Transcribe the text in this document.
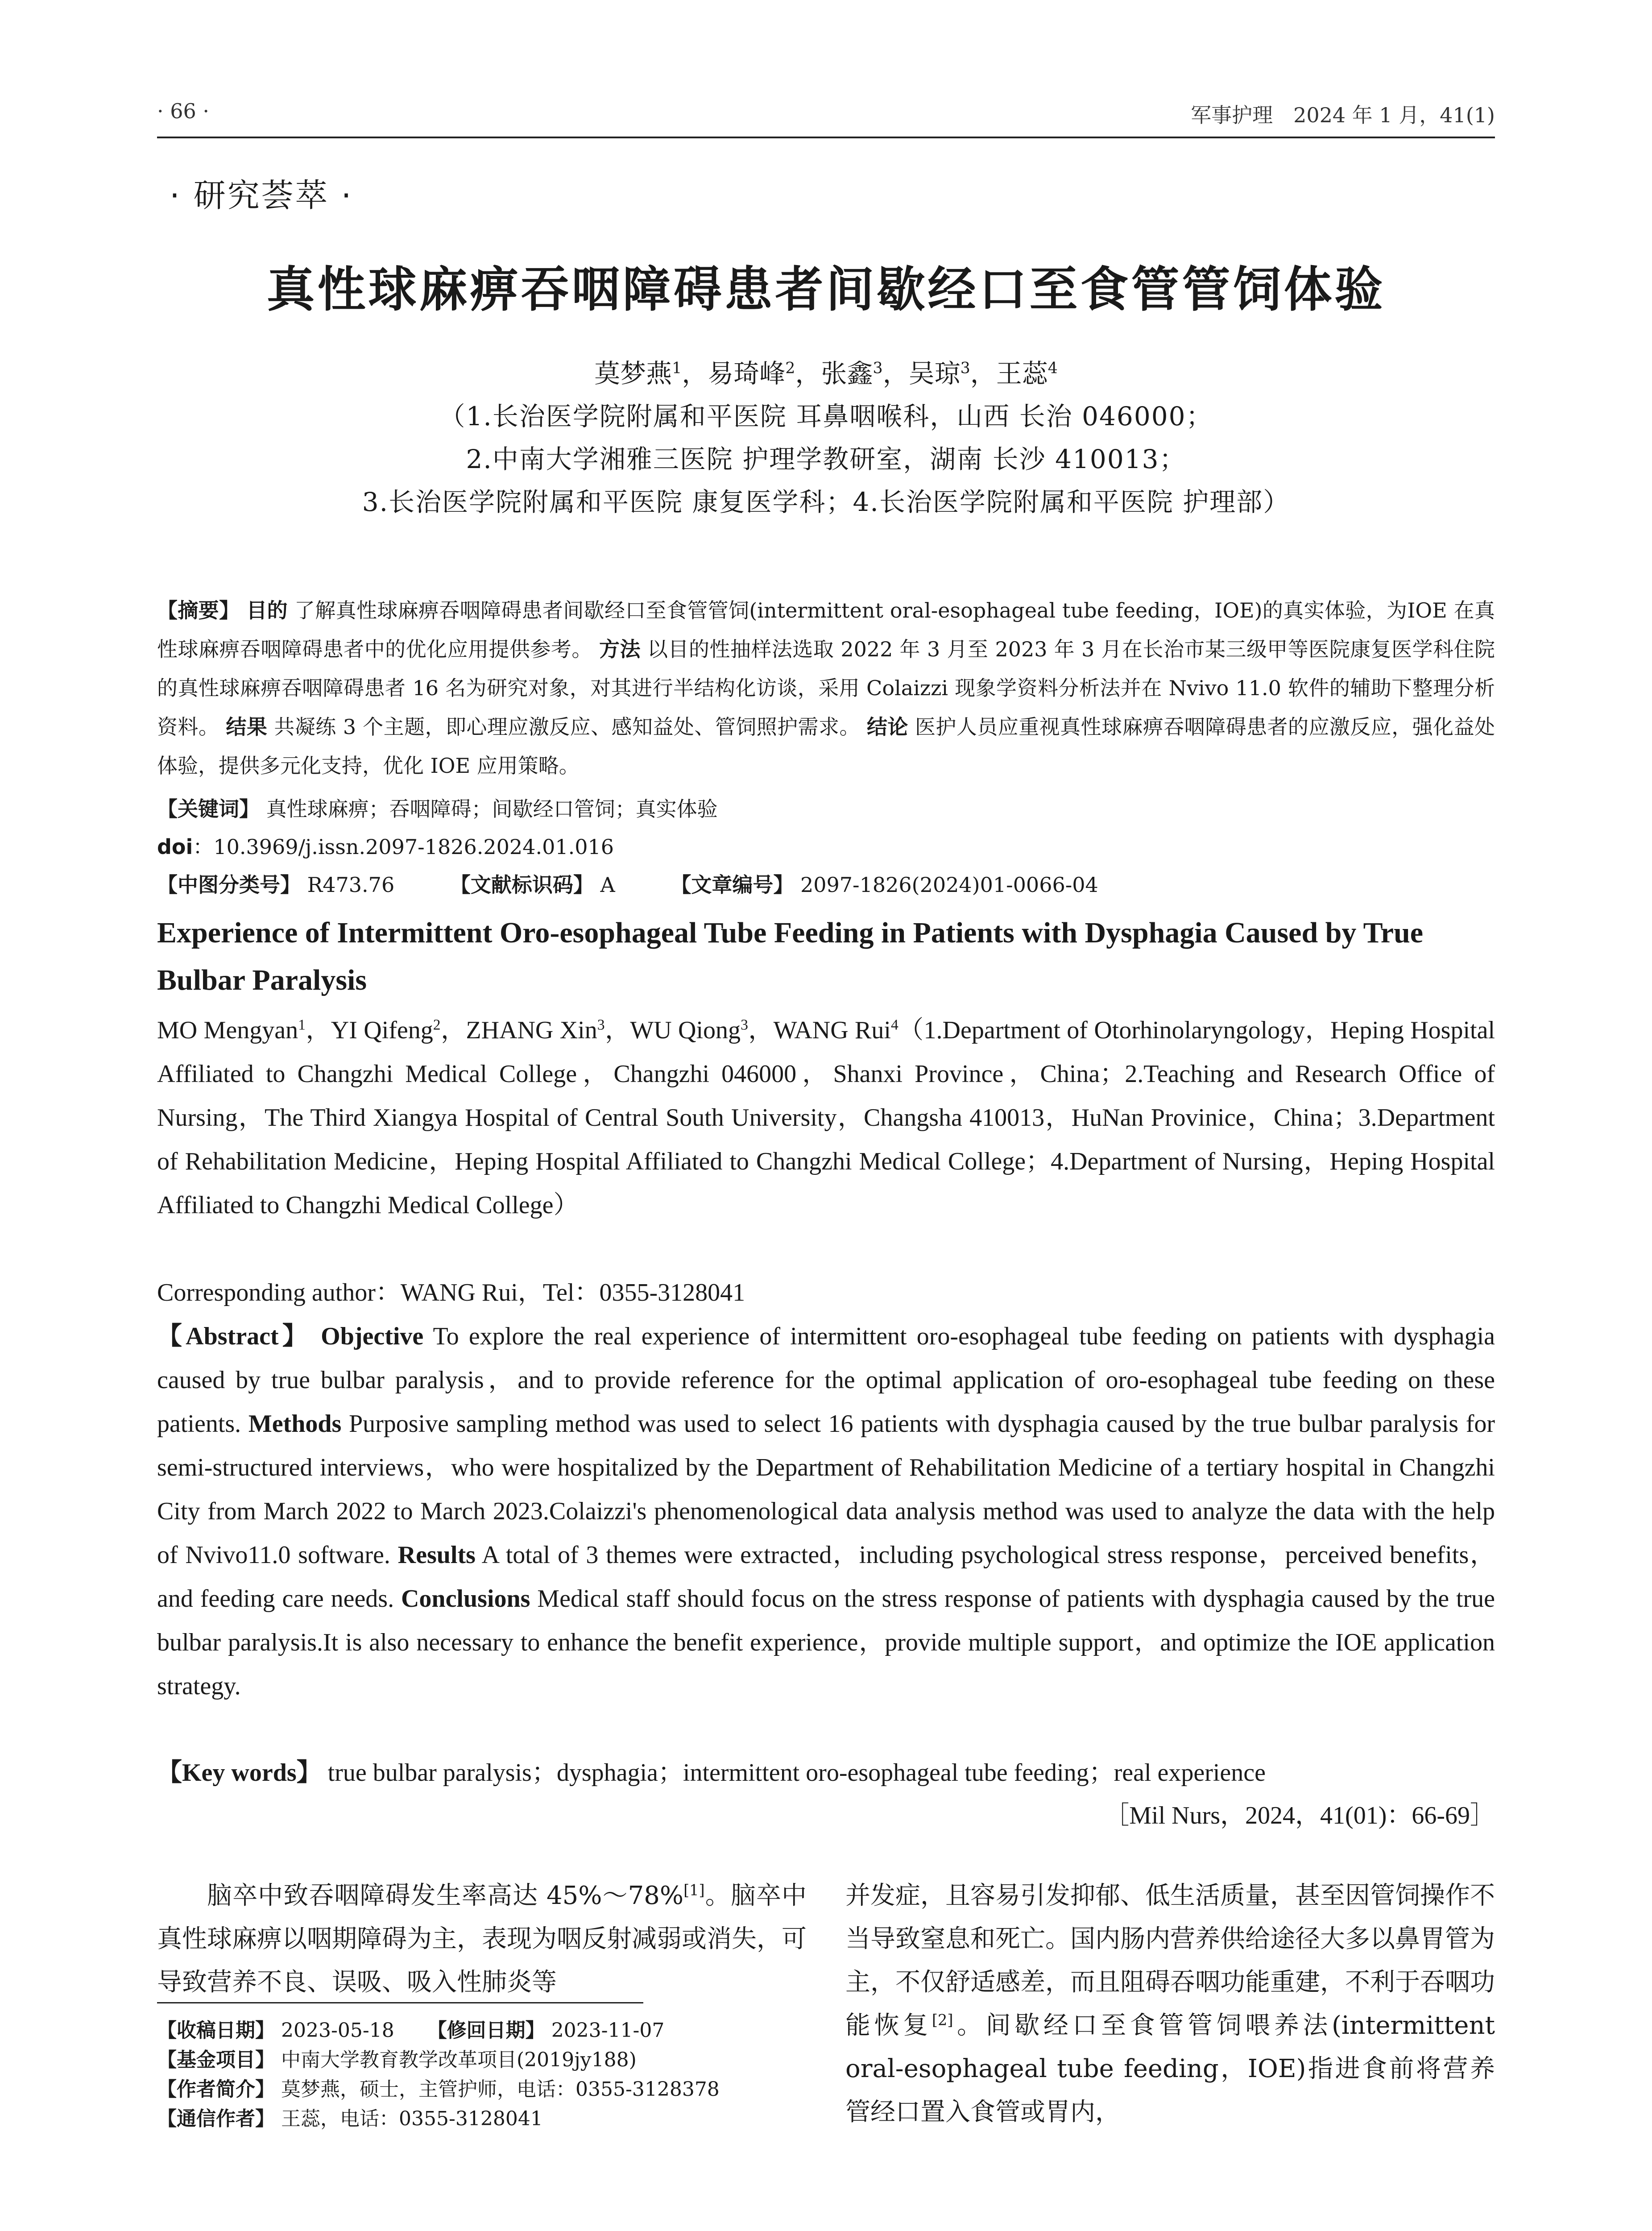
· 66 ·	军事护理　2024 年 1 月，41(1)
· 研究荟萃 ·
真性球麻痹吞咽障碍患者间歇经口至食管管饲体验
莫梦燕$^1$，易琦峰$^2$，张鑫$^3$，吴琼$^3$，王蕊$^4$
（1.长治医学院附属和平医院 耳鼻咽喉科，山西 长治 046000；
2.中南大学湘雅三医院 护理学教研室，湖南 长沙 410013；
3.长治医学院附属和平医院 康复医学科；4.长治医学院附属和平医院 护理部）
【摘要】 目的 了解真性球麻痹吞咽障碍患者间歇经口至食管管饲(intermittent oral-esophageal tube feeding，IOE)的真实体验，为IOE 在真性球麻痹吞咽障碍患者中的优化应用提供参考。 方法 以目的性抽样法选取 2022 年 3 月至 2023 年 3 月在长治市某三级甲等医院康复医学科住院的真性球麻痹吞咽障碍患者 16 名为研究对象，对其进行半结构化访谈，采用 Colaizzi 现象学资料分析法并在 Nvivo 11.0 软件的辅助下整理分析资料。 结果 共凝练 3 个主题，即心理应激反应、感知益处、管饲照护需求。 结论 医护人员应重视真性球麻痹吞咽障碍患者的应激反应，强化益处体验，提供多元化支持，优化 IOE 应用策略。
【关键词】 真性球麻痹；吞咽障碍；间歇经口管饲；真实体验
doi：10.3969/j.issn.2097-1826.2024.01.016
【中图分类号】 R473.76	【文献标识码】 A	【文章编号】 2097-1826(2024)01-0066-04
Experience of Intermittent Oro-esophageal Tube Feeding in Patients with Dysphagia Caused by True Bulbar Paralysis
MO Mengyan$^1$，YI Qifeng$^2$，ZHANG Xin$^3$，WU Qiong$^3$，WANG Rui$^4$（1.Department of Otorhinolaryngology，Heping Hospital Affiliated to Changzhi Medical College，Changzhi 046000，Shanxi Province，China；2.Teaching and Research Office of Nursing，The Third Xiangya Hospital of Central South University，Changsha 410013，HuNan Provinice，China；3.Department of Rehabilitation Medicine，Heping Hospital Affiliated to Changzhi Medical College；4.Department of Nursing，Heping Hospital Affiliated to Changzhi Medical College）
Corresponding author：WANG Rui，Tel：0355-3128041
【Abstract】 Objective To explore the real experience of intermittent oro-esophageal tube feeding on patients with dysphagia caused by true bulbar paralysis，and to provide reference for the optimal application of oro-esophageal tube feeding on these patients. Methods Purposive sampling method was used to select 16 patients with dysphagia caused by the true bulbar paralysis for semi-structured interviews，who were hospitalized by the Department of Rehabilitation Medicine of a tertiary hospital in Changzhi City from March 2022 to March 2023.Colaizzi's phenomenological data analysis method was used to analyze the data with the help of Nvivo11.0 software. Results A total of 3 themes were extracted，including psychological stress response，perceived benefits，and feeding care needs. Conclusions Medical staff should focus on the stress response of patients with dysphagia caused by the true bulbar paralysis.It is also necessary to enhance the benefit experience，provide multiple support，and optimize the IOE application strategy.
【Key words】 true bulbar paralysis；dysphagia；intermittent oro-esophageal tube feeding；real experience
［Mil Nurs，2024，41(01)：66-69］
脑卒中致吞咽障碍发生率高达 45%～78%[1]。脑卒中真性球麻痹以咽期障碍为主，表现为咽反射减弱或消失，可导致营养不良、误吸、吸入性肺炎等
并发症，且容易引发抑郁、低生活质量，甚至因管饲操作不当导致窒息和死亡。国内肠内营养供给途径大多以鼻胃管为主，不仅舒适感差，而且阻碍吞咽功能重建，不利于吞咽功能恢复[2]。间歇经口至食管管饲喂养法(intermittent oral-esophageal tube feeding，IOE)指进食前将营养管经口置入食管或胃内，
【收稿日期】 2023-05-18 【修回日期】 2023-11-07
【基金项目】 中南大学教育教学改革项目(2019jy188)
【作者简介】 莫梦燕，硕士，主管护师，电话：0355-3128378
【通信作者】 王蕊，电话：0355-3128041
